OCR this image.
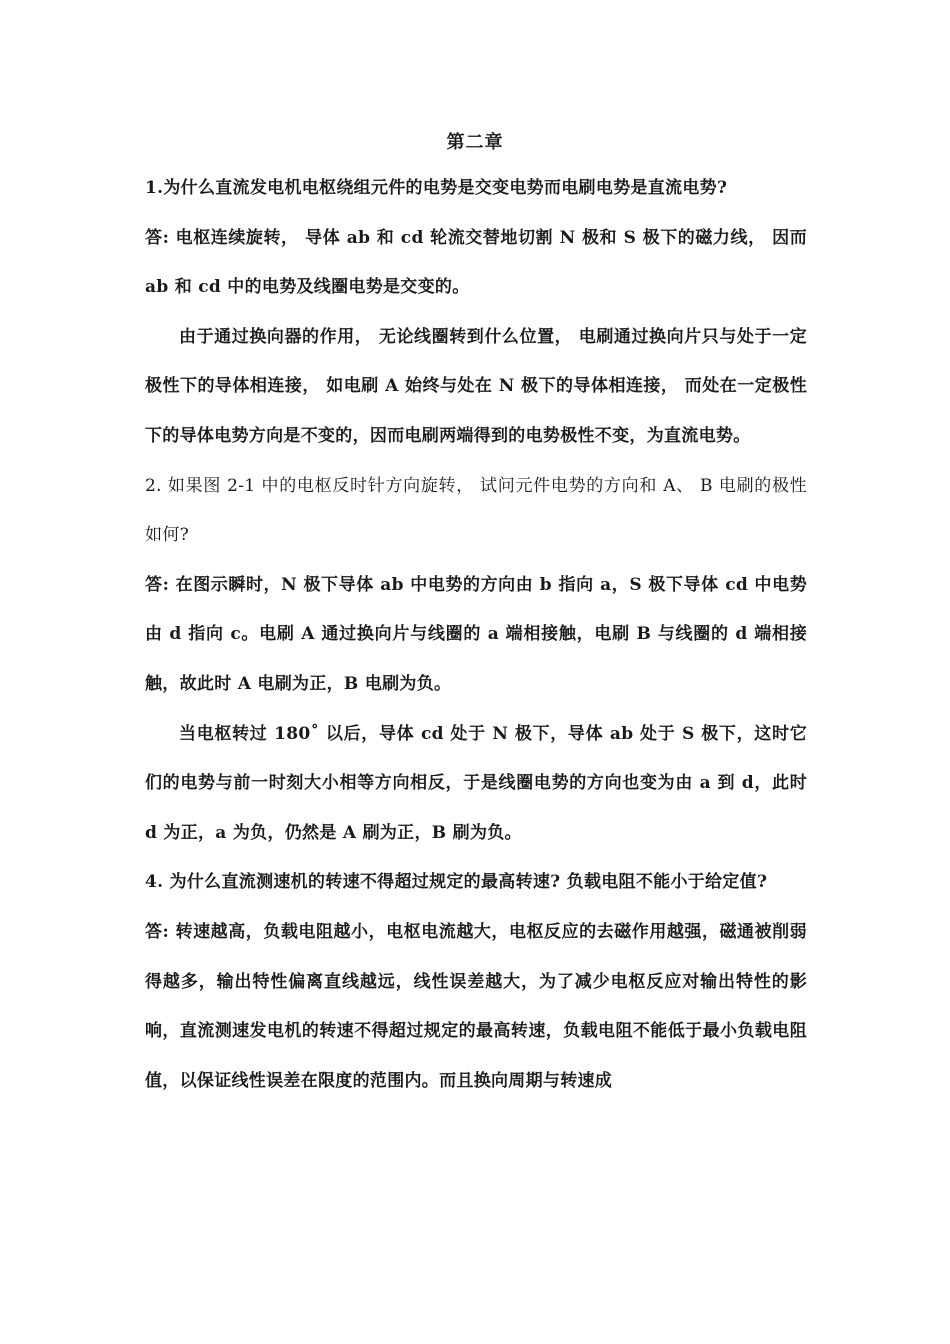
第二章

1.为什么直流发电机电枢绕组元件的电势是交变电势而电刷电势是直流电势?

答: 电枢连续旋转， 导体 ab 和 cd 轮流交替地切割 N 极和 S 极下的磁力线， 因而 ab 和 cd 中的电势及线圈电势是交变的。

由于通过换向器的作用， 无论线圈转到什么位置， 电刷通过换向片只与处于一定极性下的导体相连接， 如电刷 A 始终与处在 N 极下的导体相连接， 而处在一定极性下的导体电势方向是不变的，因而电刷两端得到的电势极性不变，为直流电势。

2. 如果图 2-1 中的电枢反时针方向旋转， 试问元件电势的方向和 A、 B 电刷的极性如何?

答: 在图示瞬时，N 极下导体 ab 中电势的方向由 b 指向 a，S 极下导体 cd 中电势由 d 指向 c。电刷 A 通过换向片与线圈的 a 端相接触，电刷 B 与线圈的 d 端相接触，故此时 A 电刷为正，B 电刷为负。

当电枢转过 180˚ 以后，导体 cd 处于 N 极下，导体 ab 处于 S 极下，这时它们的电势与前一时刻大小相等方向相反，于是线圈电势的方向也变为由 a 到 d，此时 d 为正，a 为负，仍然是 A 刷为正，B 刷为负。

4. 为什么直流测速机的转速不得超过规定的最高转速? 负载电阻不能小于给定值?

答: 转速越高，负载电阻越小，电枢电流越大，电枢反应的去磁作用越强，磁通被削弱得越多，输出特性偏离直线越远，线性误差越大，为了减少电枢反应对输出特性的影响，直流测速发电机的转速不得超过规定的最高转速，负载电阻不能低于最小负载电阻值，以保证线性误差在限度的范围内。而且换向周期与转速成
